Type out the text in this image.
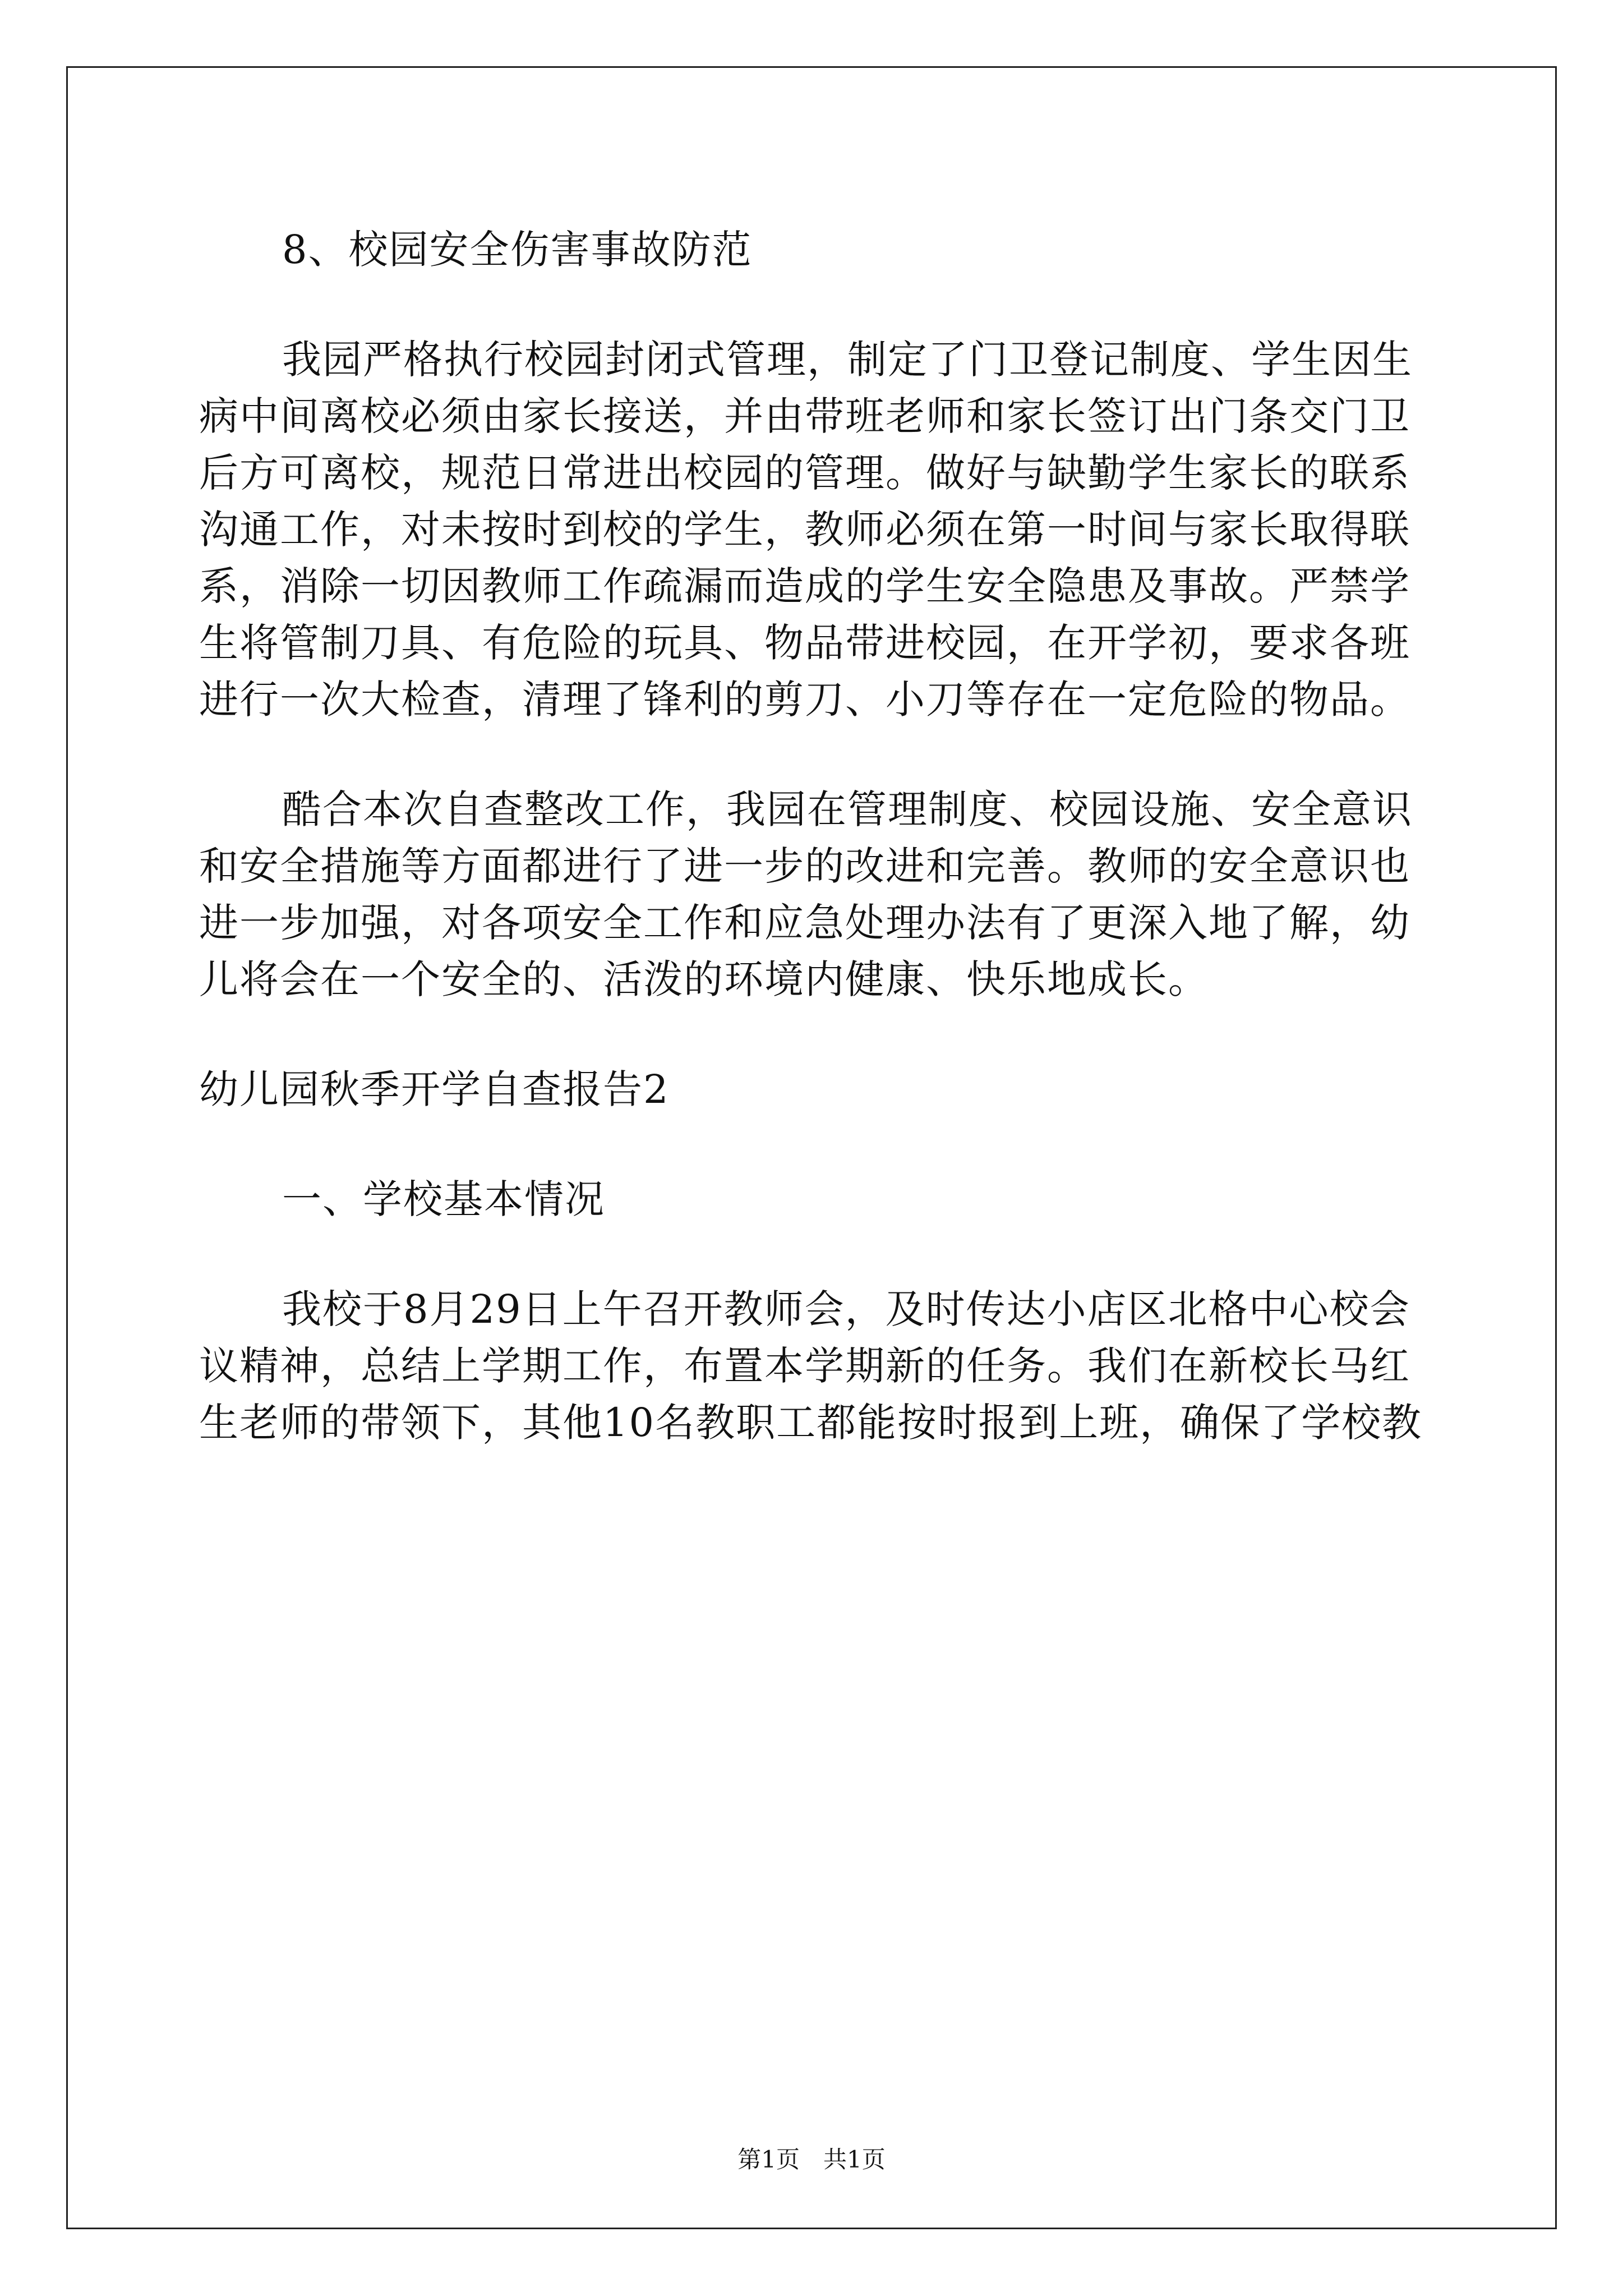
8、校园安全伤害事故防范
我园严格执行校园封闭式管理，制定了门卫登记制度、学生因生
病中间离校必须由家长接送，并由带班老师和家长签订出门条交门卫
后方可离校，规范日常进出校园的管理。做好与缺勤学生家长的联系
沟通工作，对未按时到校的学生，教师必须在第一时间与家长取得联
系，消除一切因教师工作疏漏而造成的学生安全隐患及事故。严禁学
生将管制刀具、有危险的玩具、物品带进校园，在开学初，要求各班
进行一次大检查，清理了锋利的剪刀、小刀等存在一定危险的物品。
酷合本次自查整改工作，我园在管理制度、校园设施、安全意识
和安全措施等方面都进行了进一步的改进和完善。教师的安全意识也
进一步加强，对各项安全工作和应急处理办法有了更深入地了解，幼
儿将会在一个安全的、活泼的环境内健康、快乐地成长。
幼儿园秋季开学自查报告2
一、学校基本情况
我校于8月29日上午召开教师会，及时传达小店区北格中心校会
议精神，总结上学期工作，布置本学期新的任务。我们在新校长马红
生老师的带领下，其他10名教职工都能按时报到上班，确保了学校教
第1页　共1页
